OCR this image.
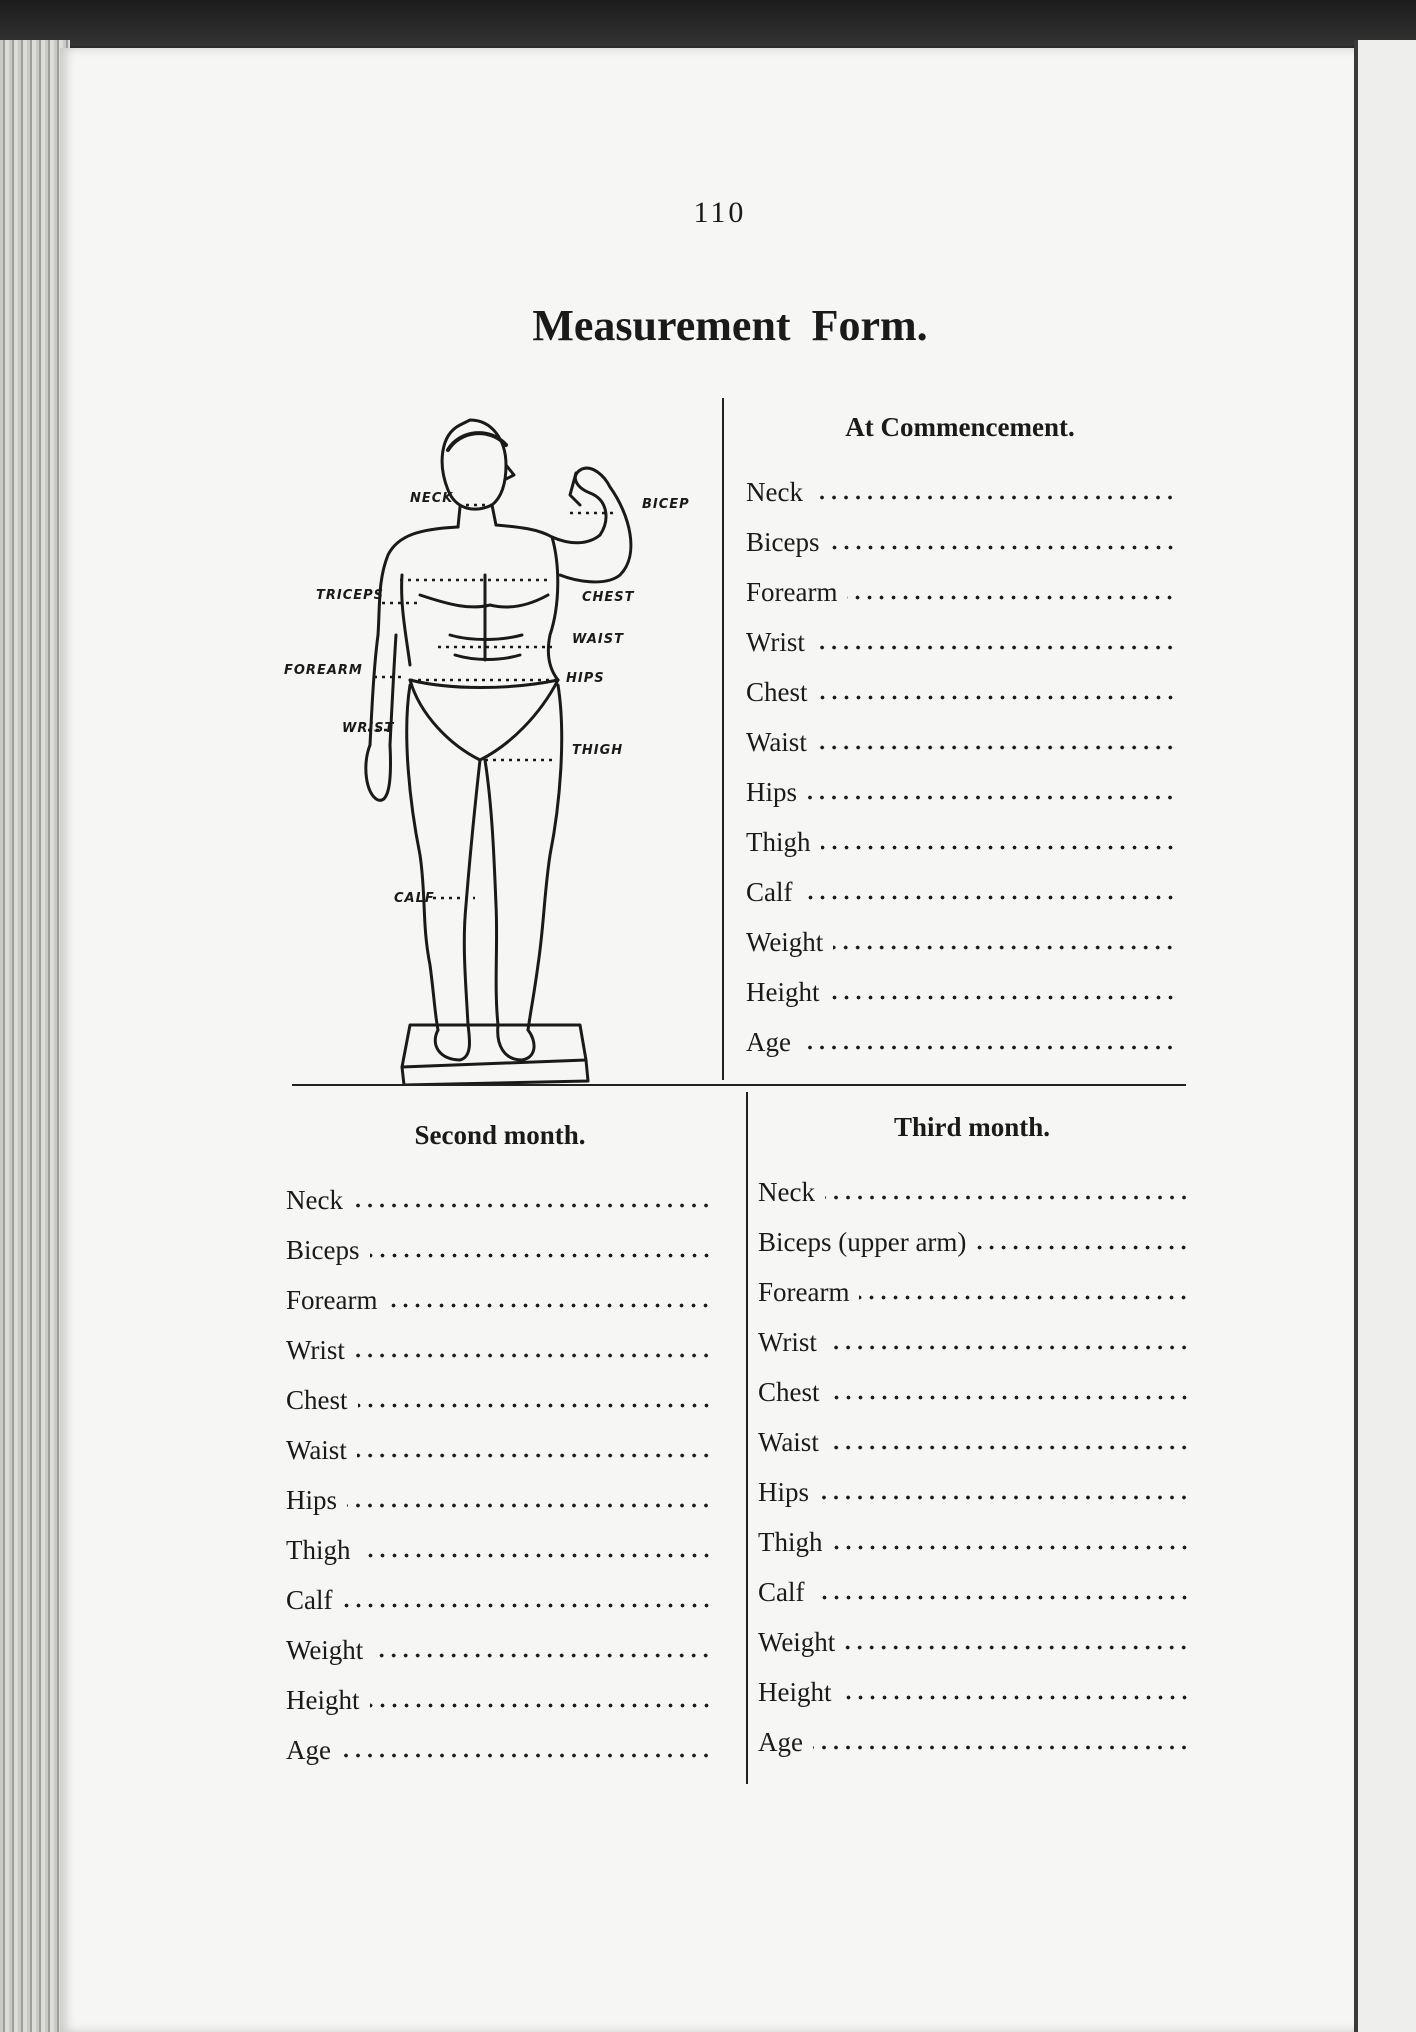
110
Measurement Form.
NECK	BICEP
TRICEPS	CHEST
WAIST
FOREARM
HIPS
WRIST
THIGH
CALF
At Commencement.
Neck
Biceps
Forearm
Wrist
Chest
Waist
Hips
Thigh
Calf
Weight
Height
Age
Second month.
Neck
Biceps
Forearm
Wrist
Chest
Waist
Hips
Thigh
Calf
Weight
Height
Age
Third month.
Neck
Biceps (upper arm)
Forearm
Wrist
Chest
Waist
Hips
Thigh
Calf
Weight
Height
Age
